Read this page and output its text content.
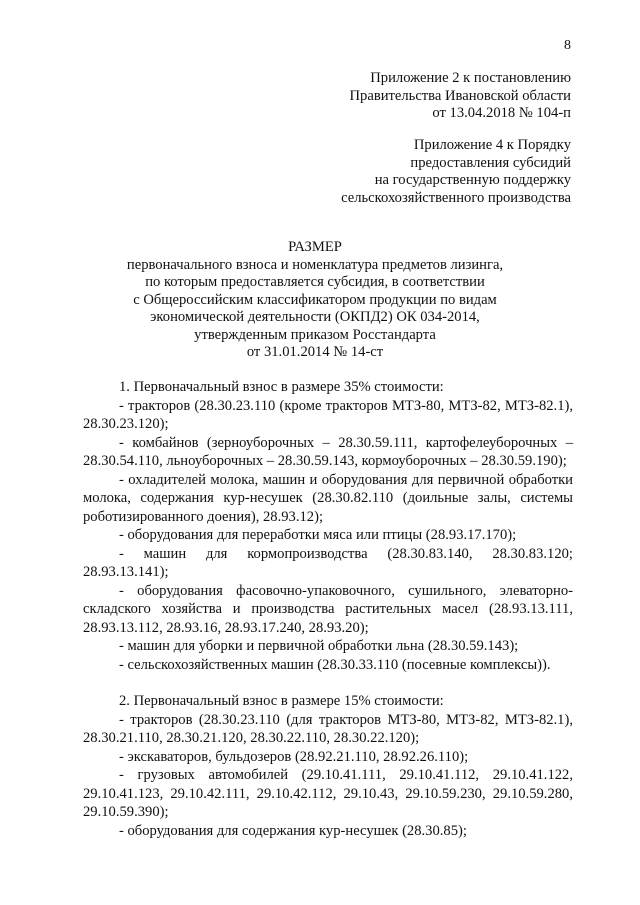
8
Приложение 2 к постановлению
Правительства Ивановской области
от 13.04.2018 № 104-п
Приложение 4 к Порядку
предоставления субсидий
на государственную поддержку
сельскохозяйственного производства
РАЗМЕР
первоначального взноса и номенклатура предметов лизинга,
по которым предоставляется субсидия, в соответствии
с Общероссийским классификатором продукции по видам
экономической деятельности (ОКПД2) ОК 034-2014,
утвержденным приказом Росстандарта
от 31.01.2014 № 14-ст

1. Первоначальный взнос в размере 35% стоимости:

- тракторов (28.30.23.110 (кроме тракторов МТЗ-80, МТЗ-82, МТЗ-82.1), 28.30.23.120);

- комбайнов (зерноуборочных – 28.30.59.111, картофелеуборочных – 28.30.54.110, льноуборочных – 28.30.59.143, кормоуборочных – 28.30.59.190);

- охладителей молока, машин и оборудования для первичной обработки молока, содержания кур-несушек (28.30.82.110 (доильные залы, системы роботизированного доения), 28.93.12);

- оборудования для переработки мяса или птицы (28.93.17.170);

- машин для кормопроизводства (28.30.83.140, 28.30.83.120; 28.93.13.141);

- оборудования фасовочно-упаковочного, сушильного, элеваторно-складского хозяйства и производства растительных масел (28.93.13.111, 28.93.13.112, 28.93.16, 28.93.17.240, 28.93.20);

- машин для уборки и первичной обработки льна (28.30.59.143);

- сельскохозяйственных машин (28.30.33.110 (посевные комплексы)).

2. Первоначальный взнос в размере 15% стоимости:

- тракторов (28.30.23.110 (для тракторов МТЗ-80, МТЗ-82, МТЗ-82.1), 28.30.21.110, 28.30.21.120, 28.30.22.110, 28.30.22.120);

- экскаваторов, бульдозеров (28.92.21.110, 28.92.26.110);

- грузовых автомобилей (29.10.41.111, 29.10.41.112, 29.10.41.122, 29.10.41.123, 29.10.42.111, 29.10.42.112, 29.10.43, 29.10.59.230, 29.10.59.280, 29.10.59.390);

- оборудования для содержания кур-несушек (28.30.85);
